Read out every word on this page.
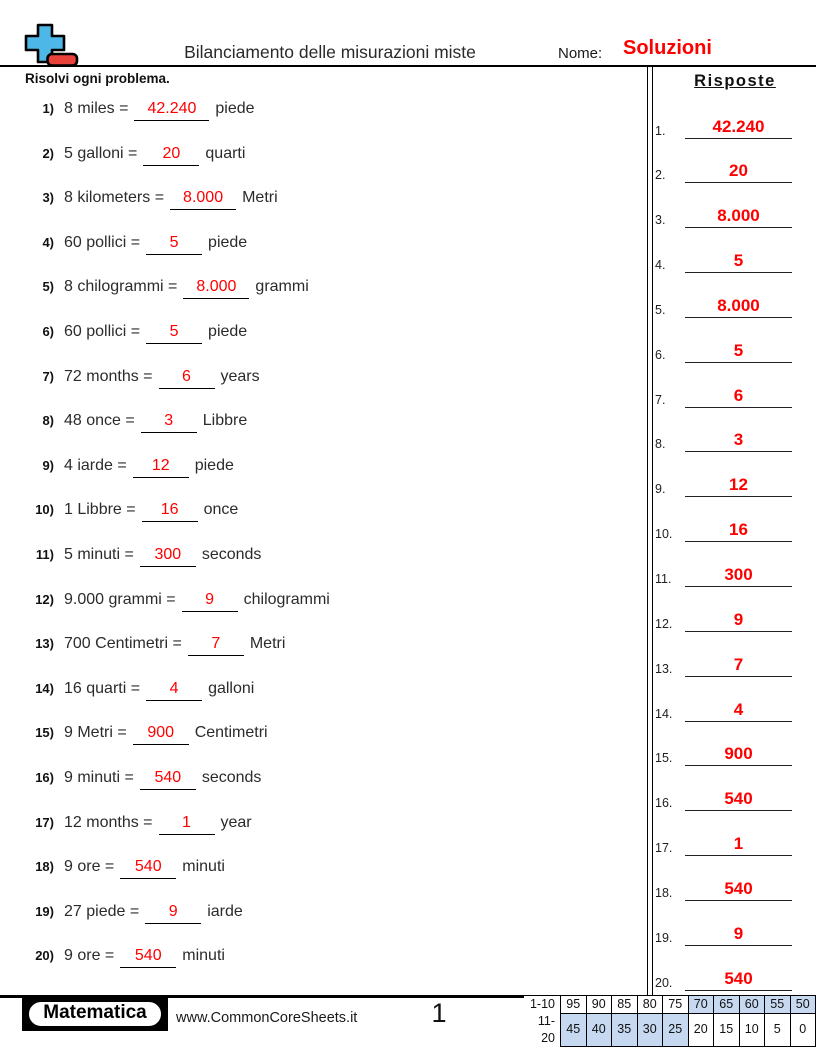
Bilanciamento delle misurazioni miste	Nome: Soluzioni
Risolvi ogni problema.	Risposte
1) 8 miles =	42.240	piede
2) 5 galloni =	20	quarti
3) 8 kilometers =	8.000	Metri
4) 60 pollici =	5	piede
5) 8 chilogrammi =	8.000	grammi
6) 60 pollici =	5	piede
7) 72 months =	6	years
8) 48 once =	3	Libbre
9) 4 iarde =	12	piede
10) 1 Libbre =	16	once
11) 5 minuti =	300	seconds
12) 9.000 grammi =	9	chilogrammi
13) 700 Centimetri =	7	Metri
14) 16 quarti =	4	galloni
15) 9 Metri =	900	Centimetri
16) 9 minuti =	540	seconds
17) 12 months =	1	year
18) 9 ore =	540	minuti
19) 27 piede =	9	iarde
20) 9 ore =	540	minuti
1.	42.240
2.	20
3.	8.000
4.	5
5.	8.000
6.	5
7.	6
8.	3
9.	12
10.	16
11.	300
12.	9
13.	7
14.	4
15.	900
16.	540
17.	1
18.	540
19.	9
20.	540
Matematica	www.CommonCoreSheets.it	1	1-10	95	90	85	80	75	70	65	60	55	50
11-20	45	40	35	30	25	20	15	10	5	0
